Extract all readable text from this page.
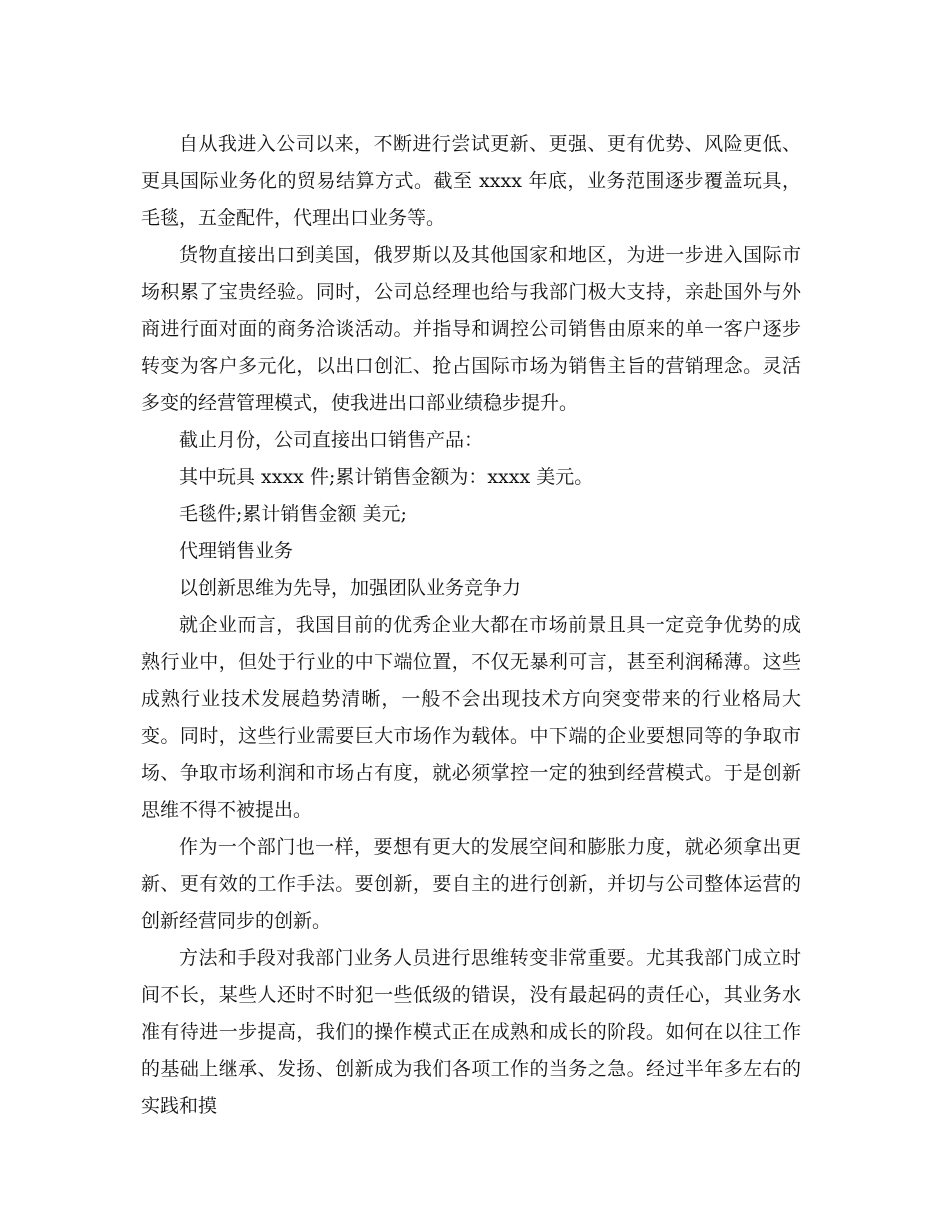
自从我进入公司以来，不断进行尝试更新、更强、更有优势、风险更低、更具国际业务化的贸易结算方式。截至 xxxx 年底，业务范围逐步覆盖玩具，毛毯，五金配件，代理出口业务等。

货物直接出口到美国，俄罗斯以及其他国家和地区，为进一步进入国际市场积累了宝贵经验。同时，公司总经理也给与我部门极大支持，亲赴国外与外商进行面对面的商务洽谈活动。并指导和调控公司销售由原来的单一客户逐步转变为客户多元化，以出口创汇、抢占国际市场为销售主旨的营销理念。灵活多变的经营管理模式，使我进出口部业绩稳步提升。

截止月份，公司直接出口销售产品：

其中玩具 xxxx 件;累计销售金额为：xxxx 美元。

毛毯件;累计销售金额 美元;

代理销售业务

以创新思维为先导，加强团队业务竞争力

就企业而言，我国目前的优秀企业大都在市场前景且具一定竞争优势的成熟行业中，但处于行业的中下端位置，不仅无暴利可言，甚至利润稀薄。这些成熟行业技术发展趋势清晰，一般不会出现技术方向突变带来的行业格局大变。同时，这些行业需要巨大市场作为载体。中下端的企业要想同等的争取市场、争取市场利润和市场占有度，就必须掌控一定的独到经营模式。于是创新思维不得不被提出。

作为一个部门也一样，要想有更大的发展空间和膨胀力度，就必须拿出更新、更有效的工作手法。要创新，要自主的进行创新，并切与公司整体运营的创新经营同步的创新。

方法和手段对我部门业务人员进行思维转变非常重要。尤其我部门成立时间不长，某些人还时不时犯一些低级的错误，没有最起码的责任心，其业务水准有待进一步提高，我们的操作模式正在成熟和成长的阶段。如何在以往工作的基础上继承、发扬、创新成为我们各项工作的当务之急。经过半年多左右的实践和摸
